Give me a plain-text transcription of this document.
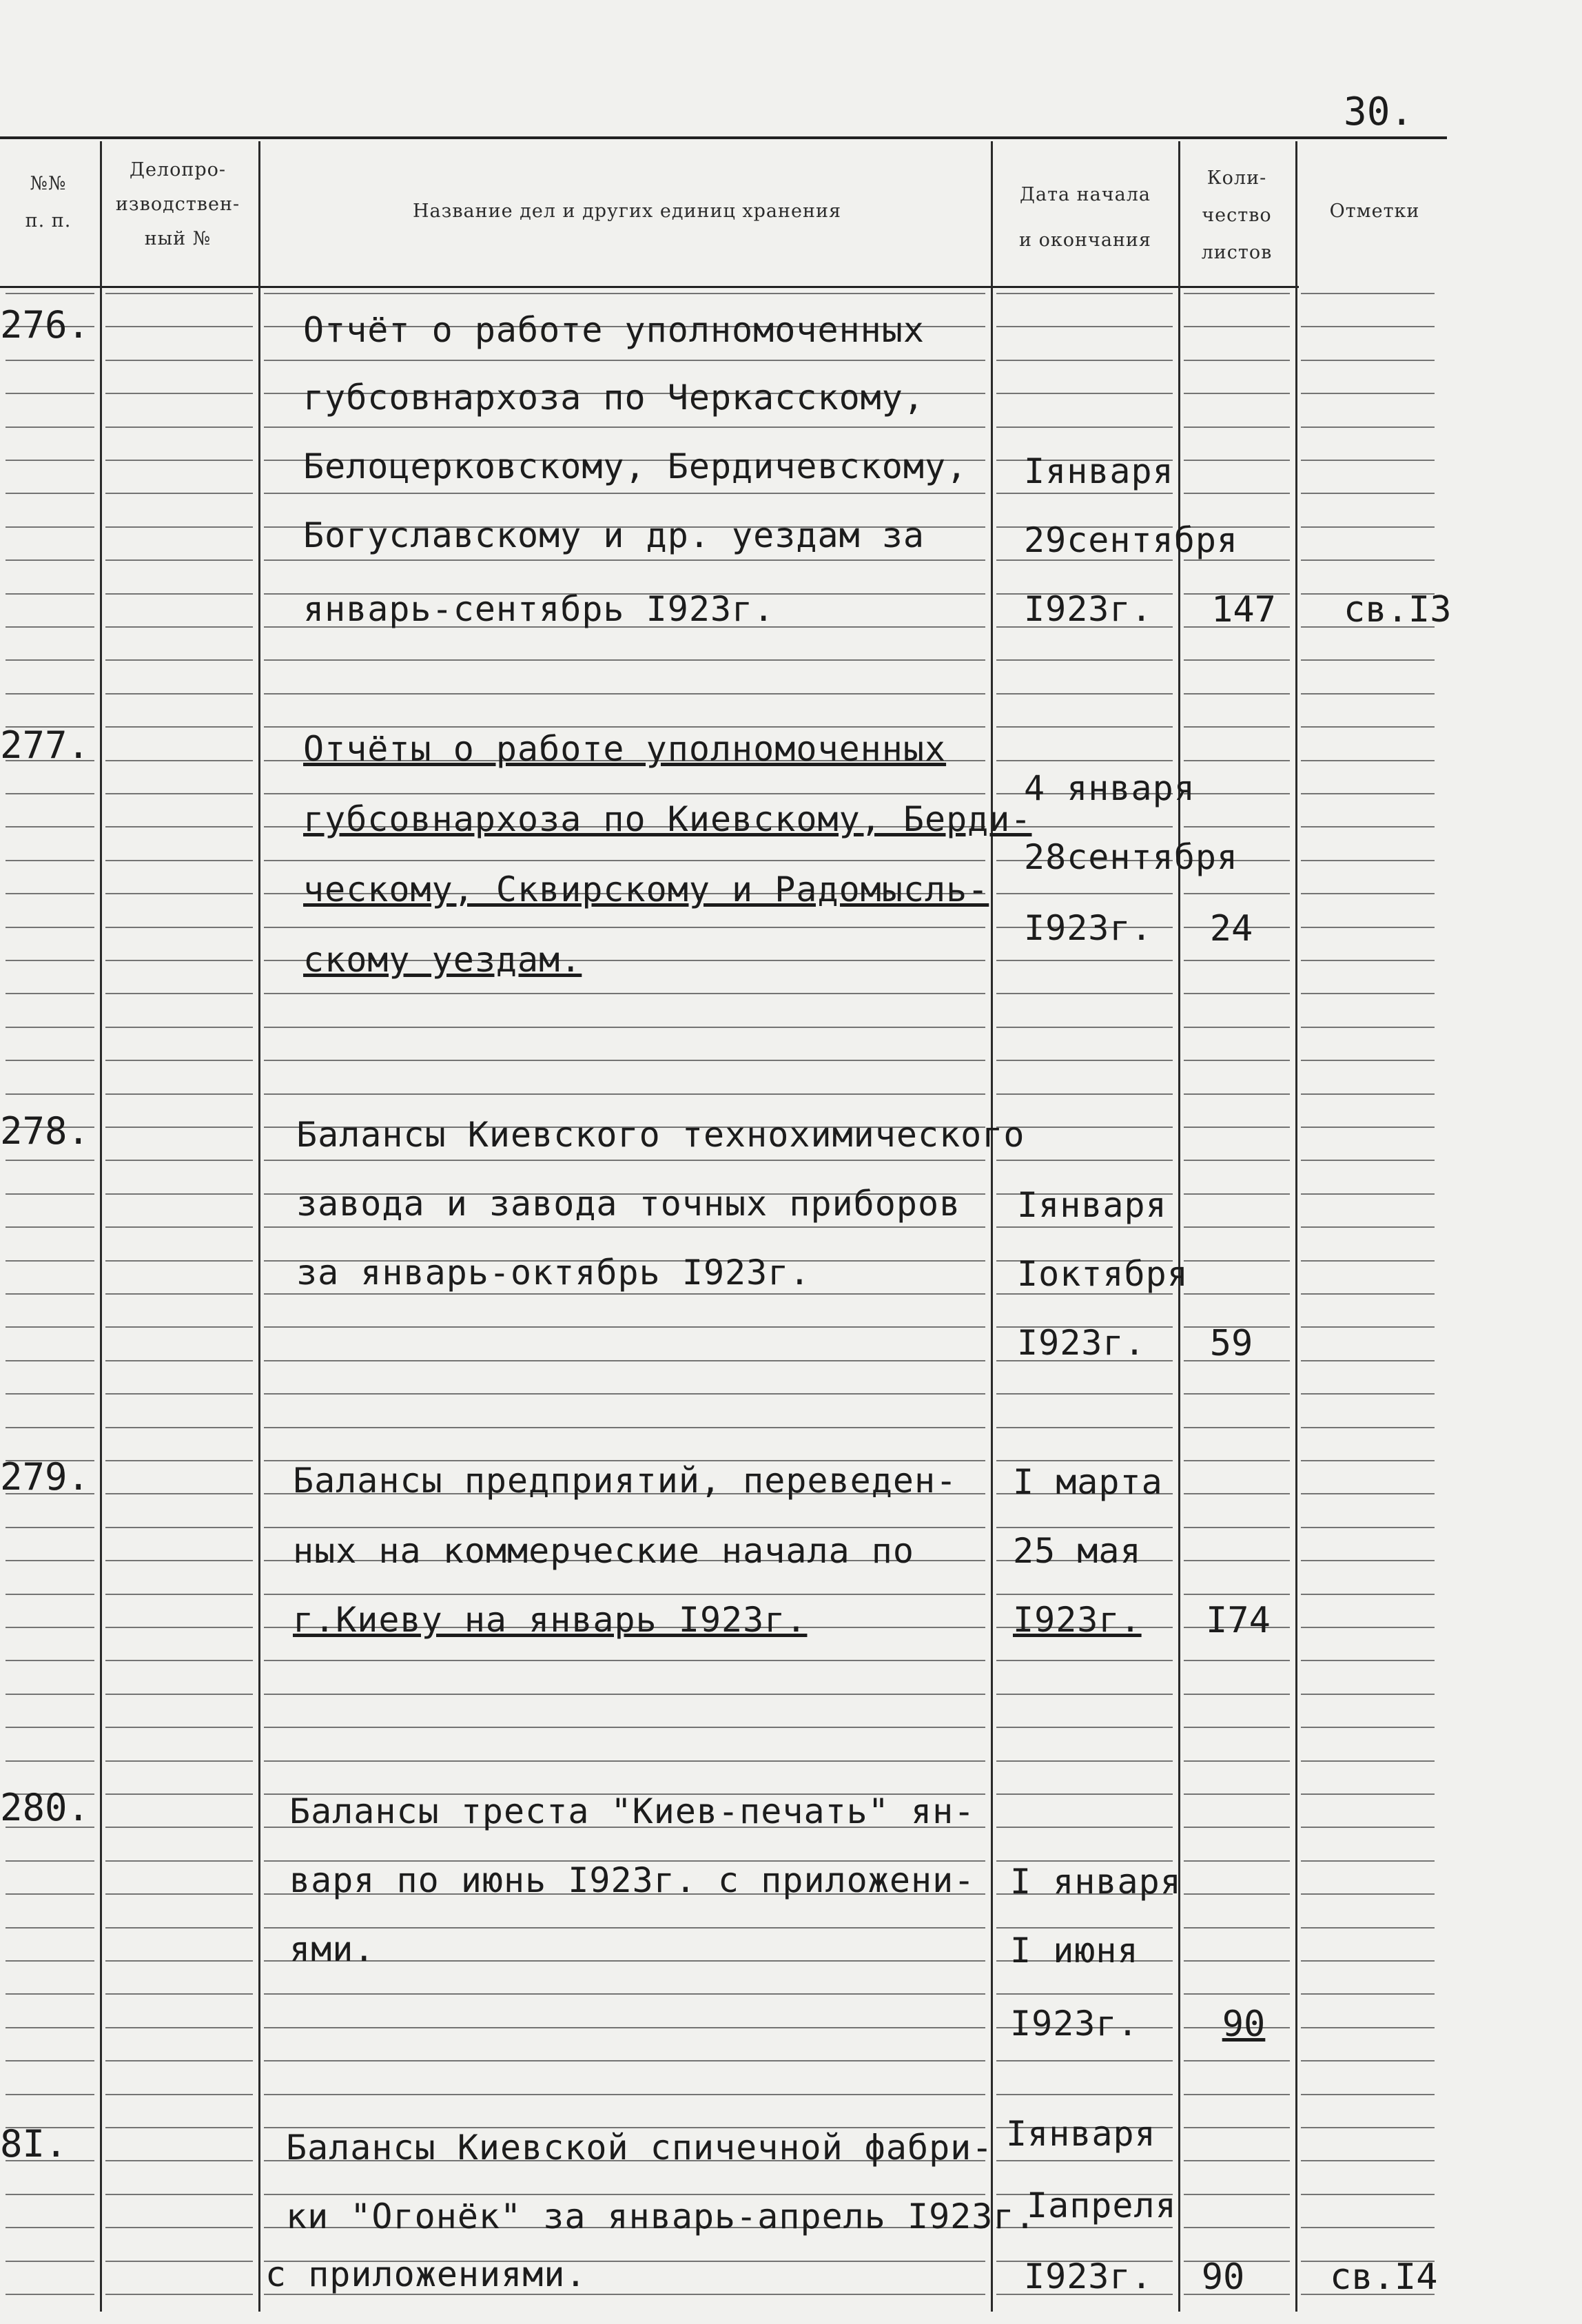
30.
№№
п. п.
Делопро-
изводствен-
ный №
Название дел и других единиц хранения
Дата начала
и окончания
Коли-
чество
листов
Отметки
276.	Отчёт о работе уполномоченных
губсовнархоза по Черкасскому,
Белоцерковскому, Бердичевскому,
Богуславскому и др. уездам за
январь-сентябрь I923г.
Iянваря
29сентября
I923г.	147	св.I3
277.	Отчёты о работе уполномоченных
губсовнархоза по Киевскому, Берди-
ческому, Сквирскому и Радомысль-
скому уездам.
4 января
28сентября
I923г.	24
278.	Балансы Киевского технохимического
завода и завода точных приборов
за январь-октябрь I923г.
Iянваря
Iоктября
I923г.	59
279.	Балансы предприятий, переведен-
ных на коммерческие начала по
г.Киеву на январь I923г.
I марта
25 мая
I923г.	I74
280.	Балансы треста "Киев-печать" ян-
варя по июнь I923г. с приложени-
ями.
I января
I июня
I923г.	90
8I.	Балансы Киевской спичечной фабри-
ки "Огонёк" за январь-апрель I923г.
с приложениями.
Iянваря
Iапреля
I923г.	90	св.I4
